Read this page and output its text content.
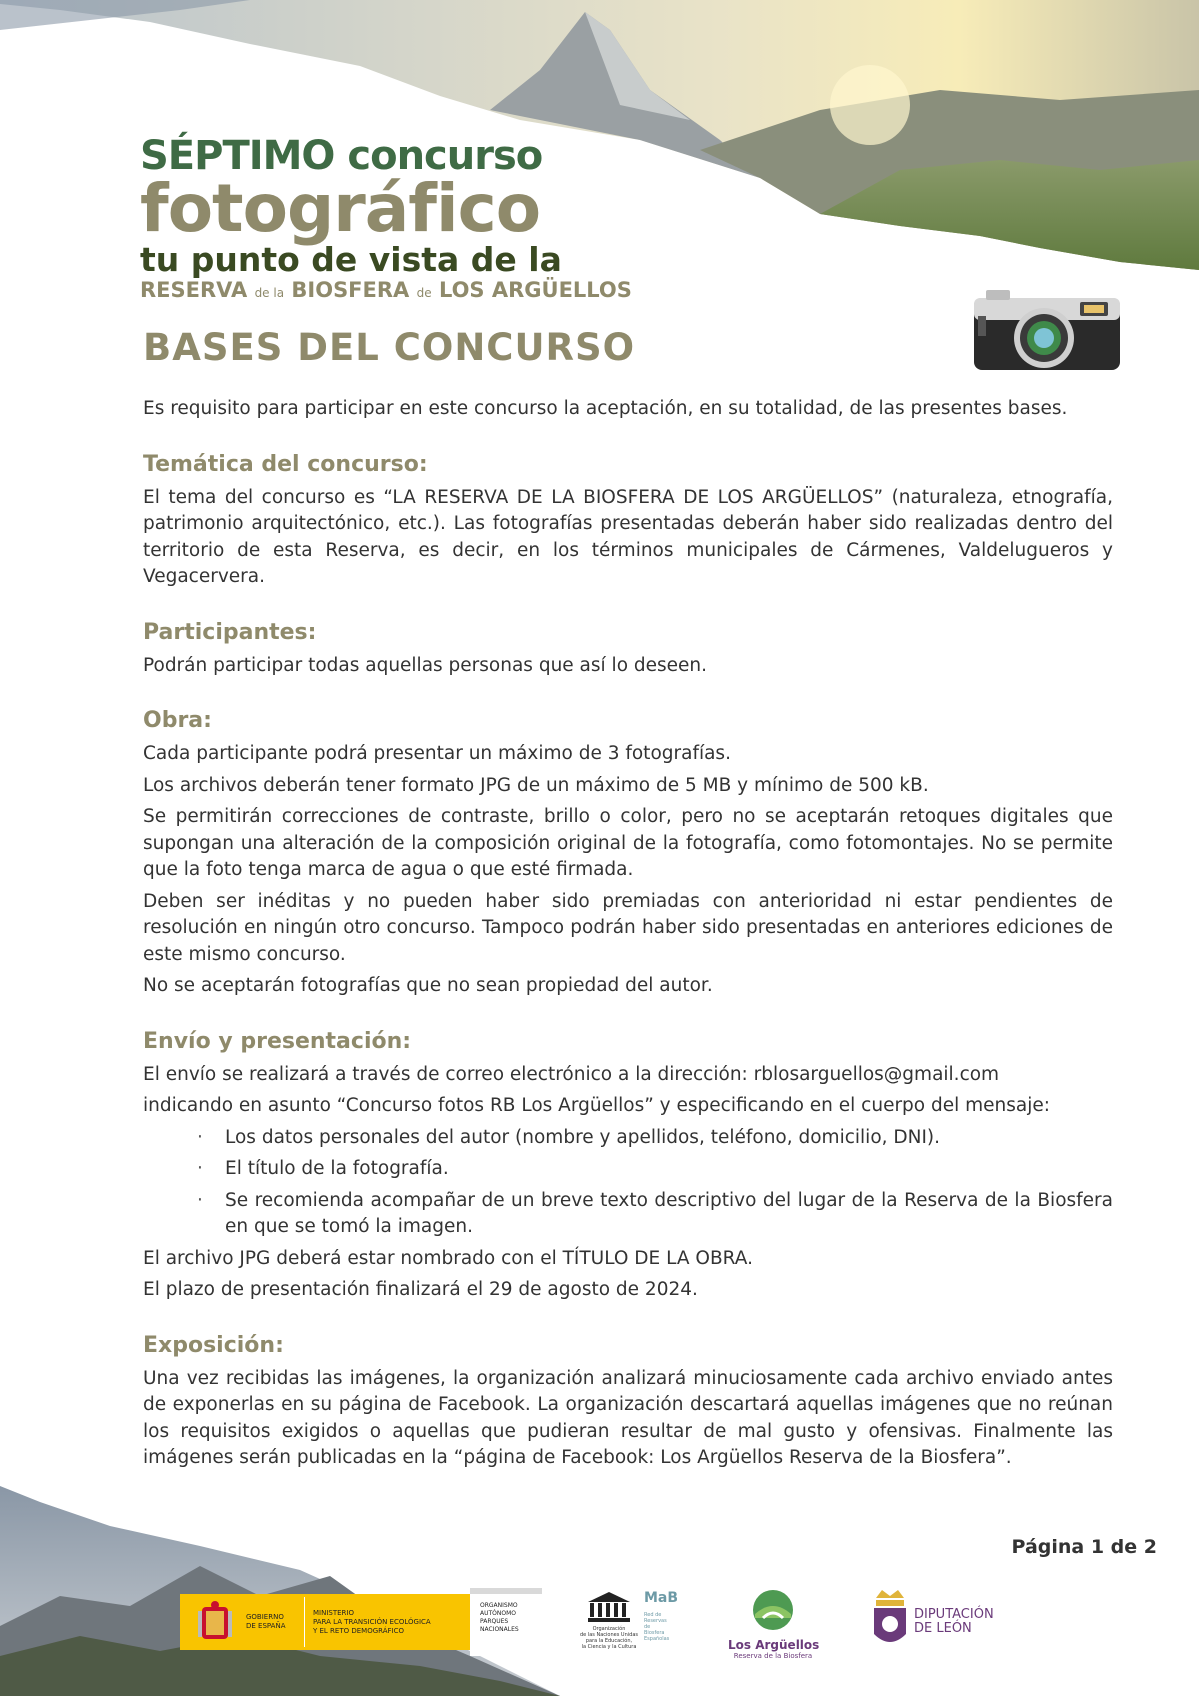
SÉPTIMO concurso
fotográfico
tu punto de vista de la
RESERVA de la BIOSFERA de LOS ARGÜELLOS
BASES DEL CONCURSO

Es requisito para participar en este concurso la aceptación, en su totalidad, de las presentes bases.

Temática del concurso:

El tema del concurso es “LA RESERVA DE LA BIOSFERA DE LOS ARGÜELLOS” (naturaleza, etnografía, patrimonio arquitectónico, etc.). Las fotografías presentadas deberán haber sido realizadas dentro del territorio de esta Reserva, es decir, en los términos municipales de Cármenes, Valdelugueros y Vegacervera.

Participantes:

Podrán participar todas aquellas personas que así lo deseen.

Obra:

Cada participante podrá presentar un máximo de 3 fotografías.

Los archivos deberán tener formato JPG de un máximo de 5 MB y mínimo de 500 kB.

Se permitirán correcciones de contraste, brillo o color, pero no se aceptarán retoques digitales que supongan una alteración de la composición original de la fotografía, como fotomontajes. No se permite que la foto tenga marca de agua o que esté firmada.

Deben ser inéditas y no pueden haber sido premiadas con anterioridad ni estar pendientes de resolución en ningún otro concurso. Tampoco podrán haber sido presentadas en anteriores ediciones de este mismo concurso.

No se aceptarán fotografías que no sean propiedad del autor.

Envío y presentación:

El envío se realizará a través de correo electrónico a la dirección: rblosarguellos@gmail.com

indicando en asunto “Concurso fotos RB Los Argüellos” y especificando en el cuerpo del mensaje:

· Los datos personales del autor (nombre y apellidos, teléfono, domicilio, DNI).
· El título de la fotografía.
· Se recomienda acompañar de un breve texto descriptivo del lugar de la Reserva de la Biosfera en que se tomó la imagen.

El archivo JPG deberá estar nombrado con el TÍTULO DE LA OBRA.

El plazo de presentación finalizará el 29 de agosto de 2024.

Exposición:

Una vez recibidas las imágenes, la organización analizará minuciosamente cada archivo enviado antes de exponerlas en su página de Facebook. La organización descartará aquellas imágenes que no reúnan los requisitos exigidos o aquellas que pudieran resultar de mal gusto y ofensivas. Finalmente las imágenes serán publicadas en la “página de Facebook: Los Argüellos Reserva de la Biosfera”.

Página 1 de 2
GOBIERNO
DE ESPAÑA
MINISTERIO
PARA LA TRANSICIÓN ECOLÓGICA
Y EL RETO DEMOGRÁFICO
ORGANISMO
AUTÓNOMO
PARQUES
NACIONALES	Organización
de las Naciones Unidas
para la Educación,
la Ciencia y la Cultura
MaB
Red de
Reservas de
Biosfera
Españolas	Los Argüellos
Reserva de la Biosfera
DIPUTACIÓN
DE LEÓN
